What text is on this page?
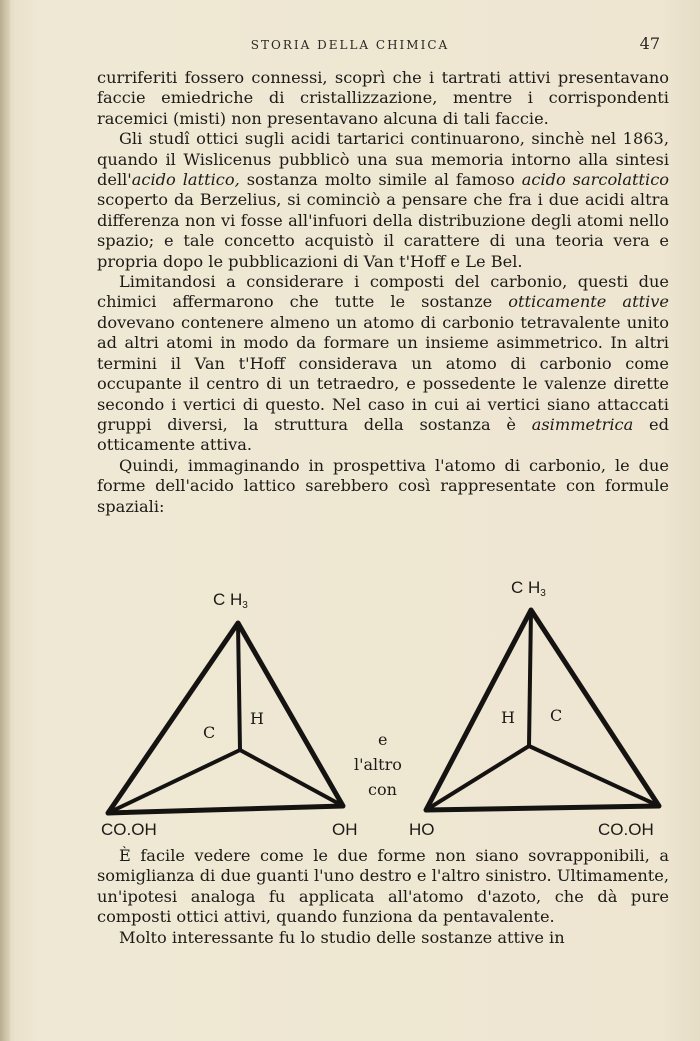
STORIA DELLA CHIMICA	47

curriferiti fossero connessi, scoprì che i tartrati attivi presentavano faccie emiedriche di cristallizzazione, mentre i corrispondenti racemici (misti) non presentavano alcuna di tali faccie.

Gli studî ottici sugli acidi tartarici continuarono, sinchè nel 1863, quando il Wislicenus pubblicò una sua memoria intorno alla sintesi dell'acido lattico, sostanza molto simile al famoso acido sarcolattico scoperto da Berzelius, si cominciò a pensare che fra i due acidi altra differenza non vi fosse all'infuori della distribuzione degli atomi nello spazio; e tale concetto acquistò il carattere di una teoria vera e propria dopo le pubblicazioni di Van t'Hoff e Le Bel.

Limitandosi a considerare i composti del carbonio, questi due chimici affermarono che tutte le sostanze otticamente attive dovevano contenere almeno un atomo di carbonio tetravalente unito ad altri atomi in modo da formare un insieme asimmetrico. In altri termini il Van t'Hoff considerava un atomo di carbonio come occupante il centro di un tetraedro, e possedente le valenze dirette secondo i vertici di questo. Nel caso in cui ai vertici siano attaccati gruppi diversi, la struttura della sostanza è asimmetrica ed otticamente attiva.

Quindi, immaginando in prospettiva l'atomo di carbonio, le due forme dell'acido lattico sarebbero così rappresentate con formule spaziali:

C $H_3$
C
H
CO.OH	OH
e
l'altro
con
C $H_3$
H C
HO	CO.OH

È facile vedere come le due forme non siano sovrapponibili, a somiglianza di due guanti l'uno destro e l'altro sinistro. Ultimamente, un'ipotesi analoga fu applicata all'atomo d'azoto, che dà pure composti ottici attivi, quando funziona da pentavalente.

Molto interessante fu lo studio delle sostanze attive in
